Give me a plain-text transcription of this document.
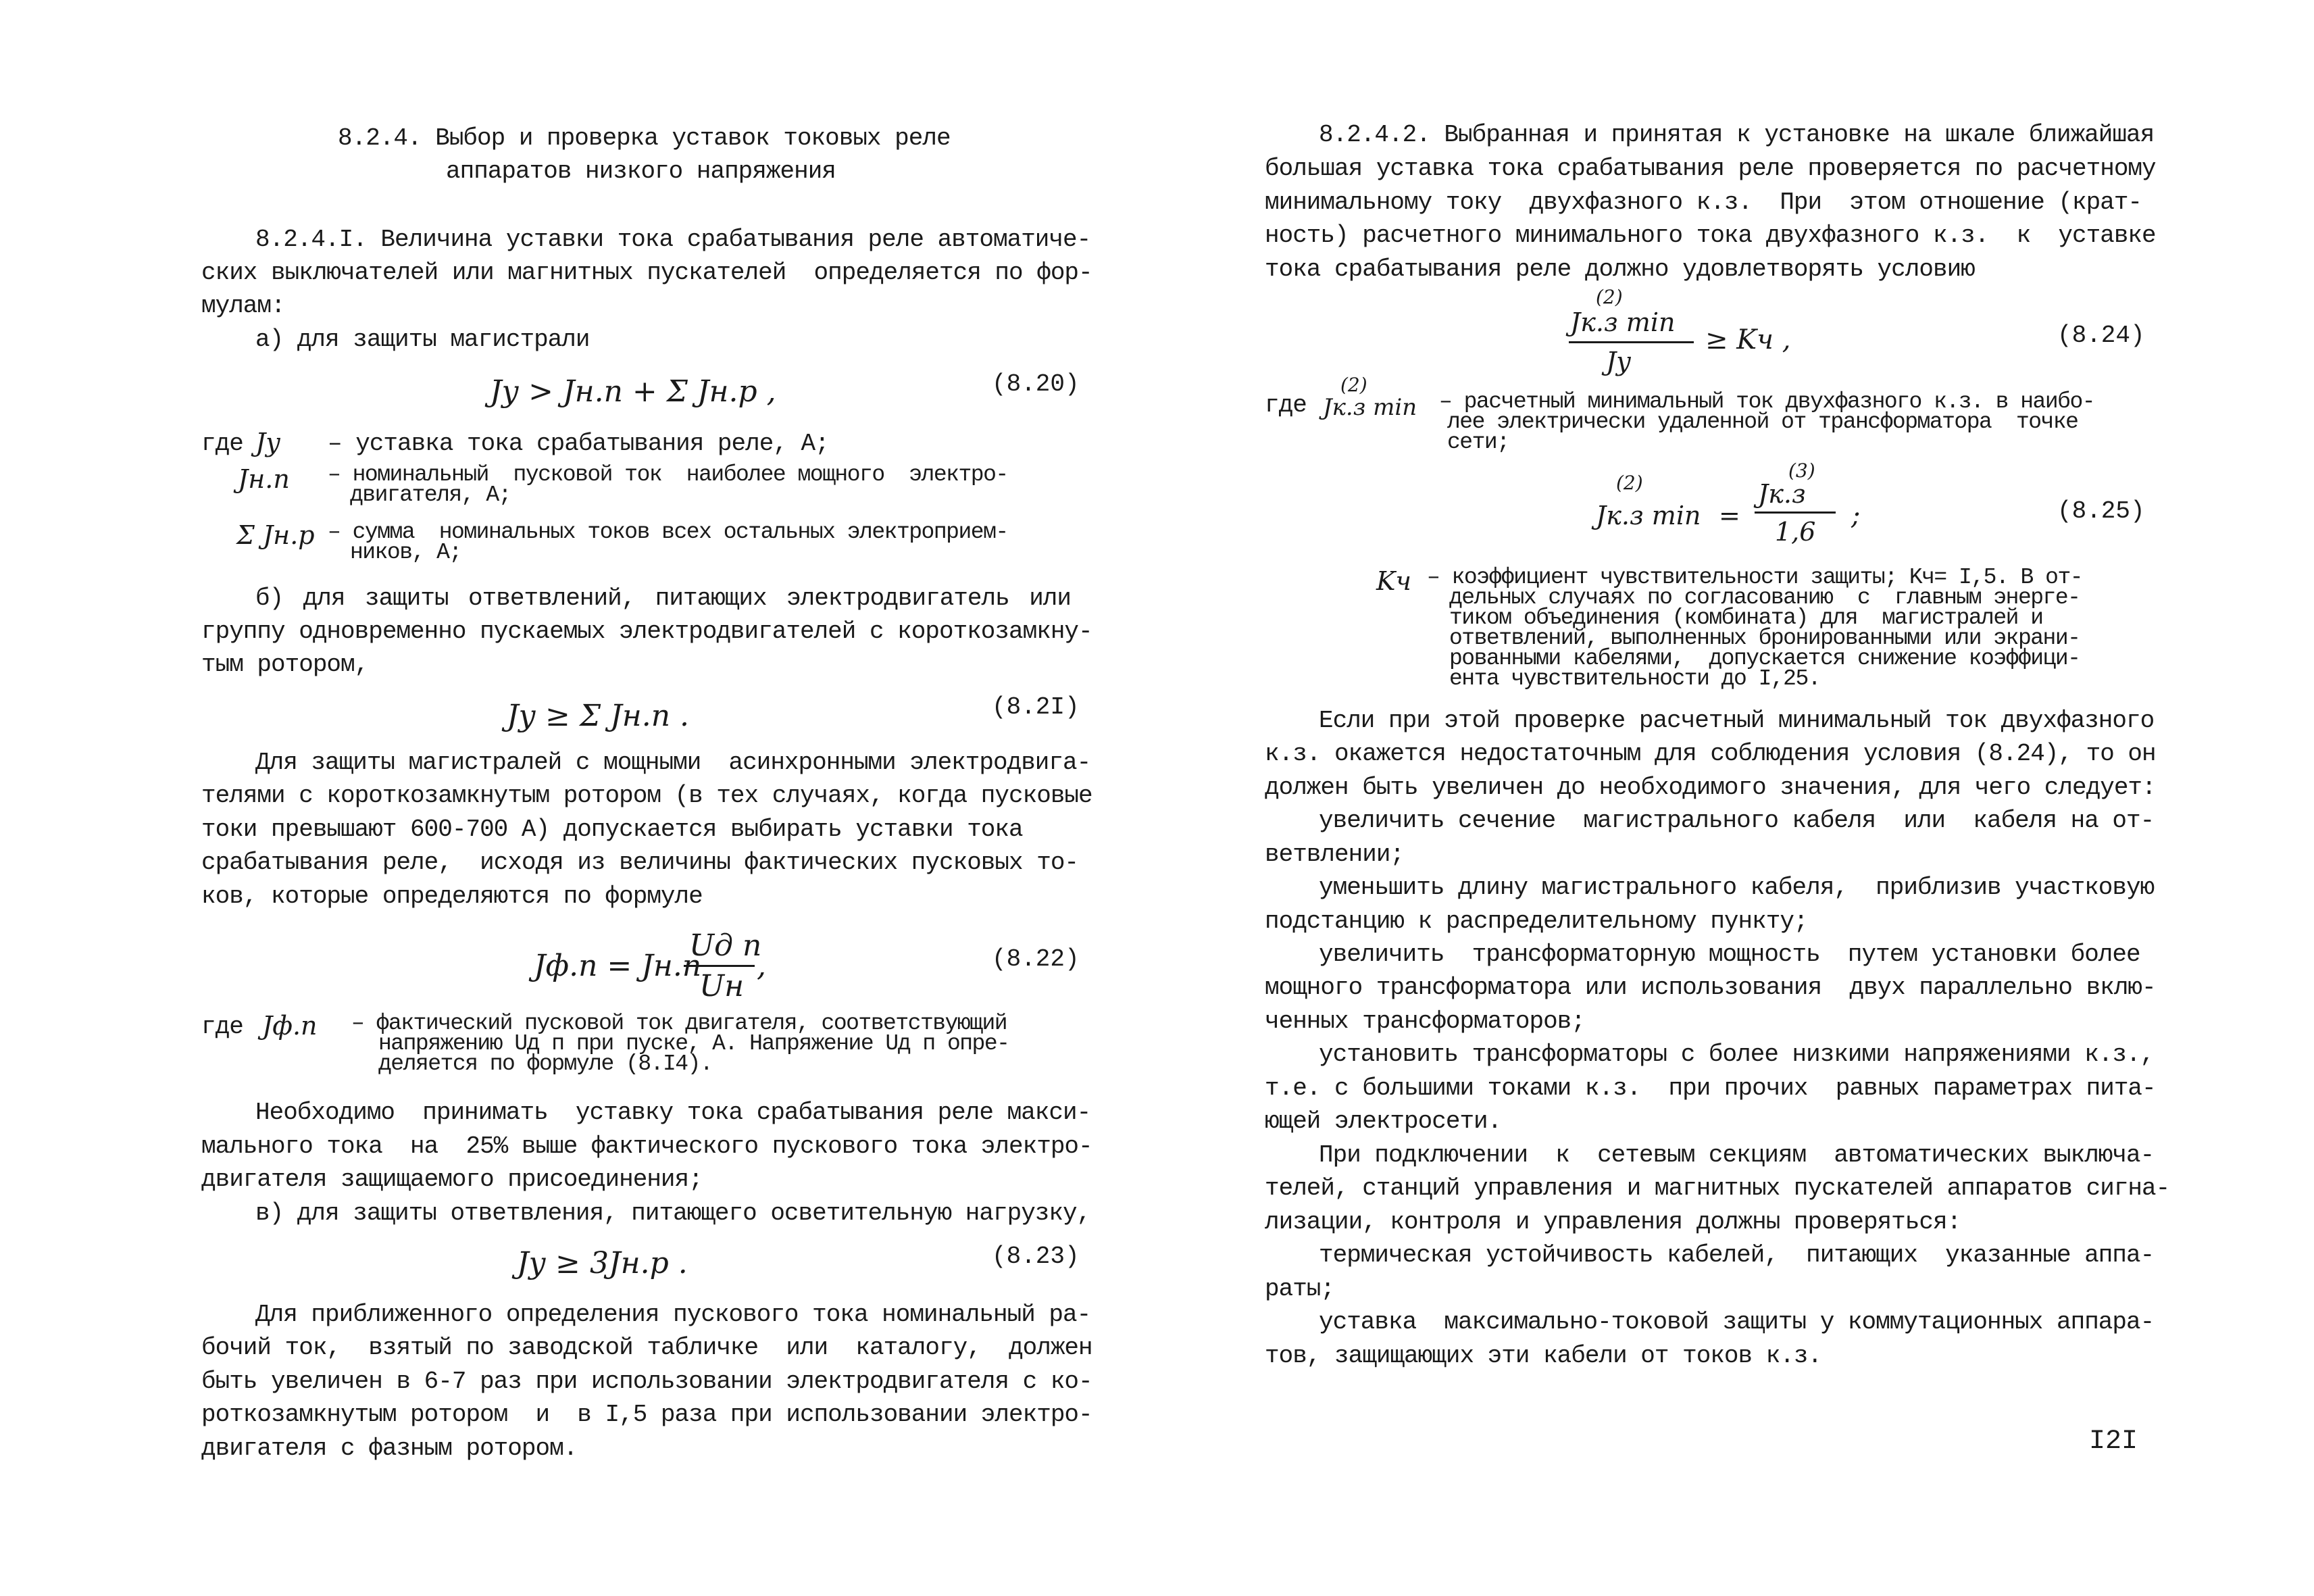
8.2.4. Выбор и проверка уставок токовых реле
аппаратов низкого напряжения
8.2.4.I. Величина уставки тока срабатывания реле автоматиче-
ских выключателей или магнитных пускателей  определяется по фор-
мулам:
а) для защиты магистрали
Jу > Jн.п + Σ Jн.р ,	(8.20)
где Jу – уставка тока срабатывания реле, А;
Jн.п – номинальный  пусковой ток  наиболее мощного  электро-
двигателя, А;
Σ Jн.р – сумма  номинальных токов всех остальных электроприем-
ников, А;
б) для защиты ответвлений, питающих электродвигатель или
группу одновременно пускаемых электродвигателей с короткозамкну-
тым ротором,
Jу ≥ Σ Jн.п .	(8.2I)
Для защиты магистралей с мощными  асинхронными электродвига-
телями с короткозамкнутым ротором (в тех случаях, когда пусковые
токи превышают 600-700 А) допускается выбирать уставки тока
срабатывания реле,  исходя из величины фактических пусковых то-
ков, которые определяются по формуле
Jф.п = Jн.п
Uд п
Uн
,	(8.22)
где Jф.п – фактический пусковой ток двигателя, соответствующий
напряжению Uд п при пуске, А. Напряжение Uд п опре-
деляется по формуле (8.I4).
Необходимо  принимать  уставку тока срабатывания реле макси-
мального тока  на  25% выше фактического пускового тока электро-
двигателя защищаемого присоединения;
в) для защиты ответвления, питающего осветительную нагрузку,
Jу ≥ 3Jн.р .	(8.23)
Для приближенного определения пускового тока номинальный ра-
бочий ток,  взятый по заводской табличке  или  каталогу,  должен
быть увеличен в 6-7 раз при использовании электродвигателя с ко-
роткозамкнутым ротором  и  в I,5 раза при использовании электро-
двигателя с фазным ротором.
8.2.4.2. Выбранная и принятая к установке на шкале ближайшая
большая уставка тока срабатывания реле проверяется по расчетному
минимальному току  двухфазного к.з.  При  этом отношение (крат-
ность) расчетного минимального тока двухфазного к.з.  к  уставке
тока срабатывания реле должно удовлетворять условию
(2)
Jк.з min
Jу
≥ Kч ,	(8.24)
где
(2)
Jк.з min – расчетный минимальный ток двухфазного к.з. в наибо-
лее электрически удаленной от трансформатора  точке
сети;
(2)
Jк.з min =
(3)
Jк.з
1,6
;	(8.25)
Kч – коэффициент чувствительности защиты; Kч= I,5. В от-
дельных случаях по согласованию  с  главным энерге-
тиком объединения (комбината) для  магистралей и
ответвлений, выполненных бронированными или экрани-
рованными кабелями,  допускается снижение коэффици-
ента чувствительности до I,25.
Если при этой проверке расчетный минимальный ток двухфазного
к.з. окажется недостаточным для соблюдения условия (8.24), то он
должен быть увеличен до необходимого значения, для чего следует:
увеличить сечение  магистрального кабеля  или  кабеля на от-
ветвлении;
уменьшить длину магистрального кабеля,  приблизив участковую
подстанцию к распределительному пункту;
увеличить  трансформаторную мощность  путем установки более
мощного трансформатора или использования  двух параллельно вклю-
ченных трансформаторов;
установить трансформаторы с более низкими напряжениями к.з.,
т.е. с большими токами к.з.  при прочих  равных параметрах пита-
ющей электросети.
При подключении  к  сетевым секциям  автоматических выключа-
телей, станций управления и магнитных пускателей аппаратов сигна-
лизации, контроля и управления должны проверяться:
термическая устойчивость кабелей,  питающих  указанные аппа-
раты;
уставка  максимально-токовой защиты у коммутационных аппара-
тов, защищающих эти кабели от токов к.з.
I2I
